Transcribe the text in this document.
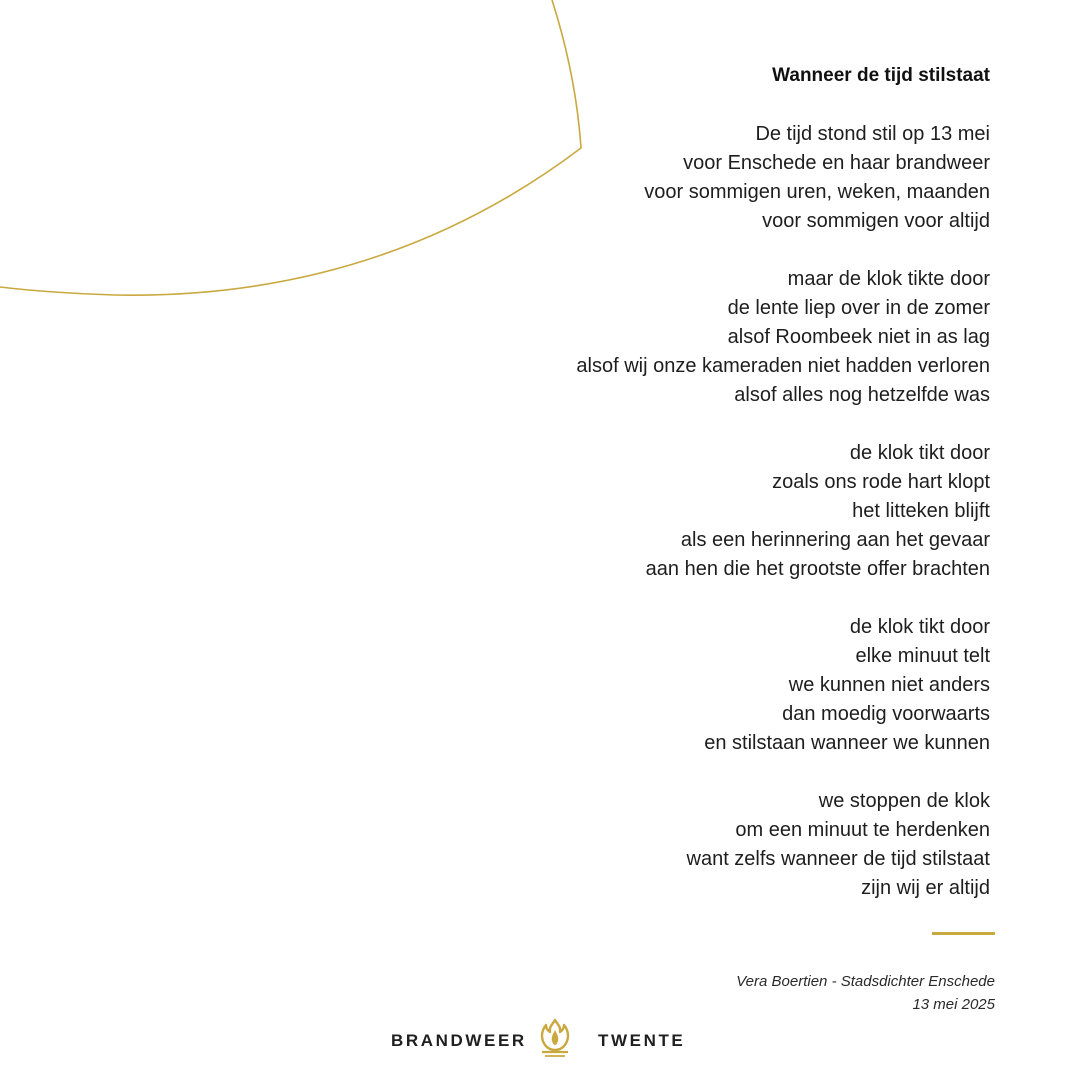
Wanneer de tijd stilstaat
De tijd stond stil op 13 mei
voor Enschede en haar brandweer
voor sommigen uren, weken, maanden
voor sommigen voor altijd
maar de klok tikte door
de lente liep over in de zomer
alsof Roombeek niet in as lag
alsof wij onze kameraden niet hadden verloren
alsof alles nog hetzelfde was
de klok tikt door
zoals ons rode hart klopt
het litteken blijft
als een herinnering aan het gevaar
aan hen die het grootste offer brachten
de klok tikt door
elke minuut telt
we kunnen niet anders
dan moedig voorwaarts
en stilstaan wanneer we kunnen
we stoppen de klok
om een minuut te herdenken
want zelfs wanneer de tijd stilstaat
zijn wij er altijd
Vera Boertien - Stadsdichter Enschede
13 mei 2025
BRANDWEER	TWENTE
